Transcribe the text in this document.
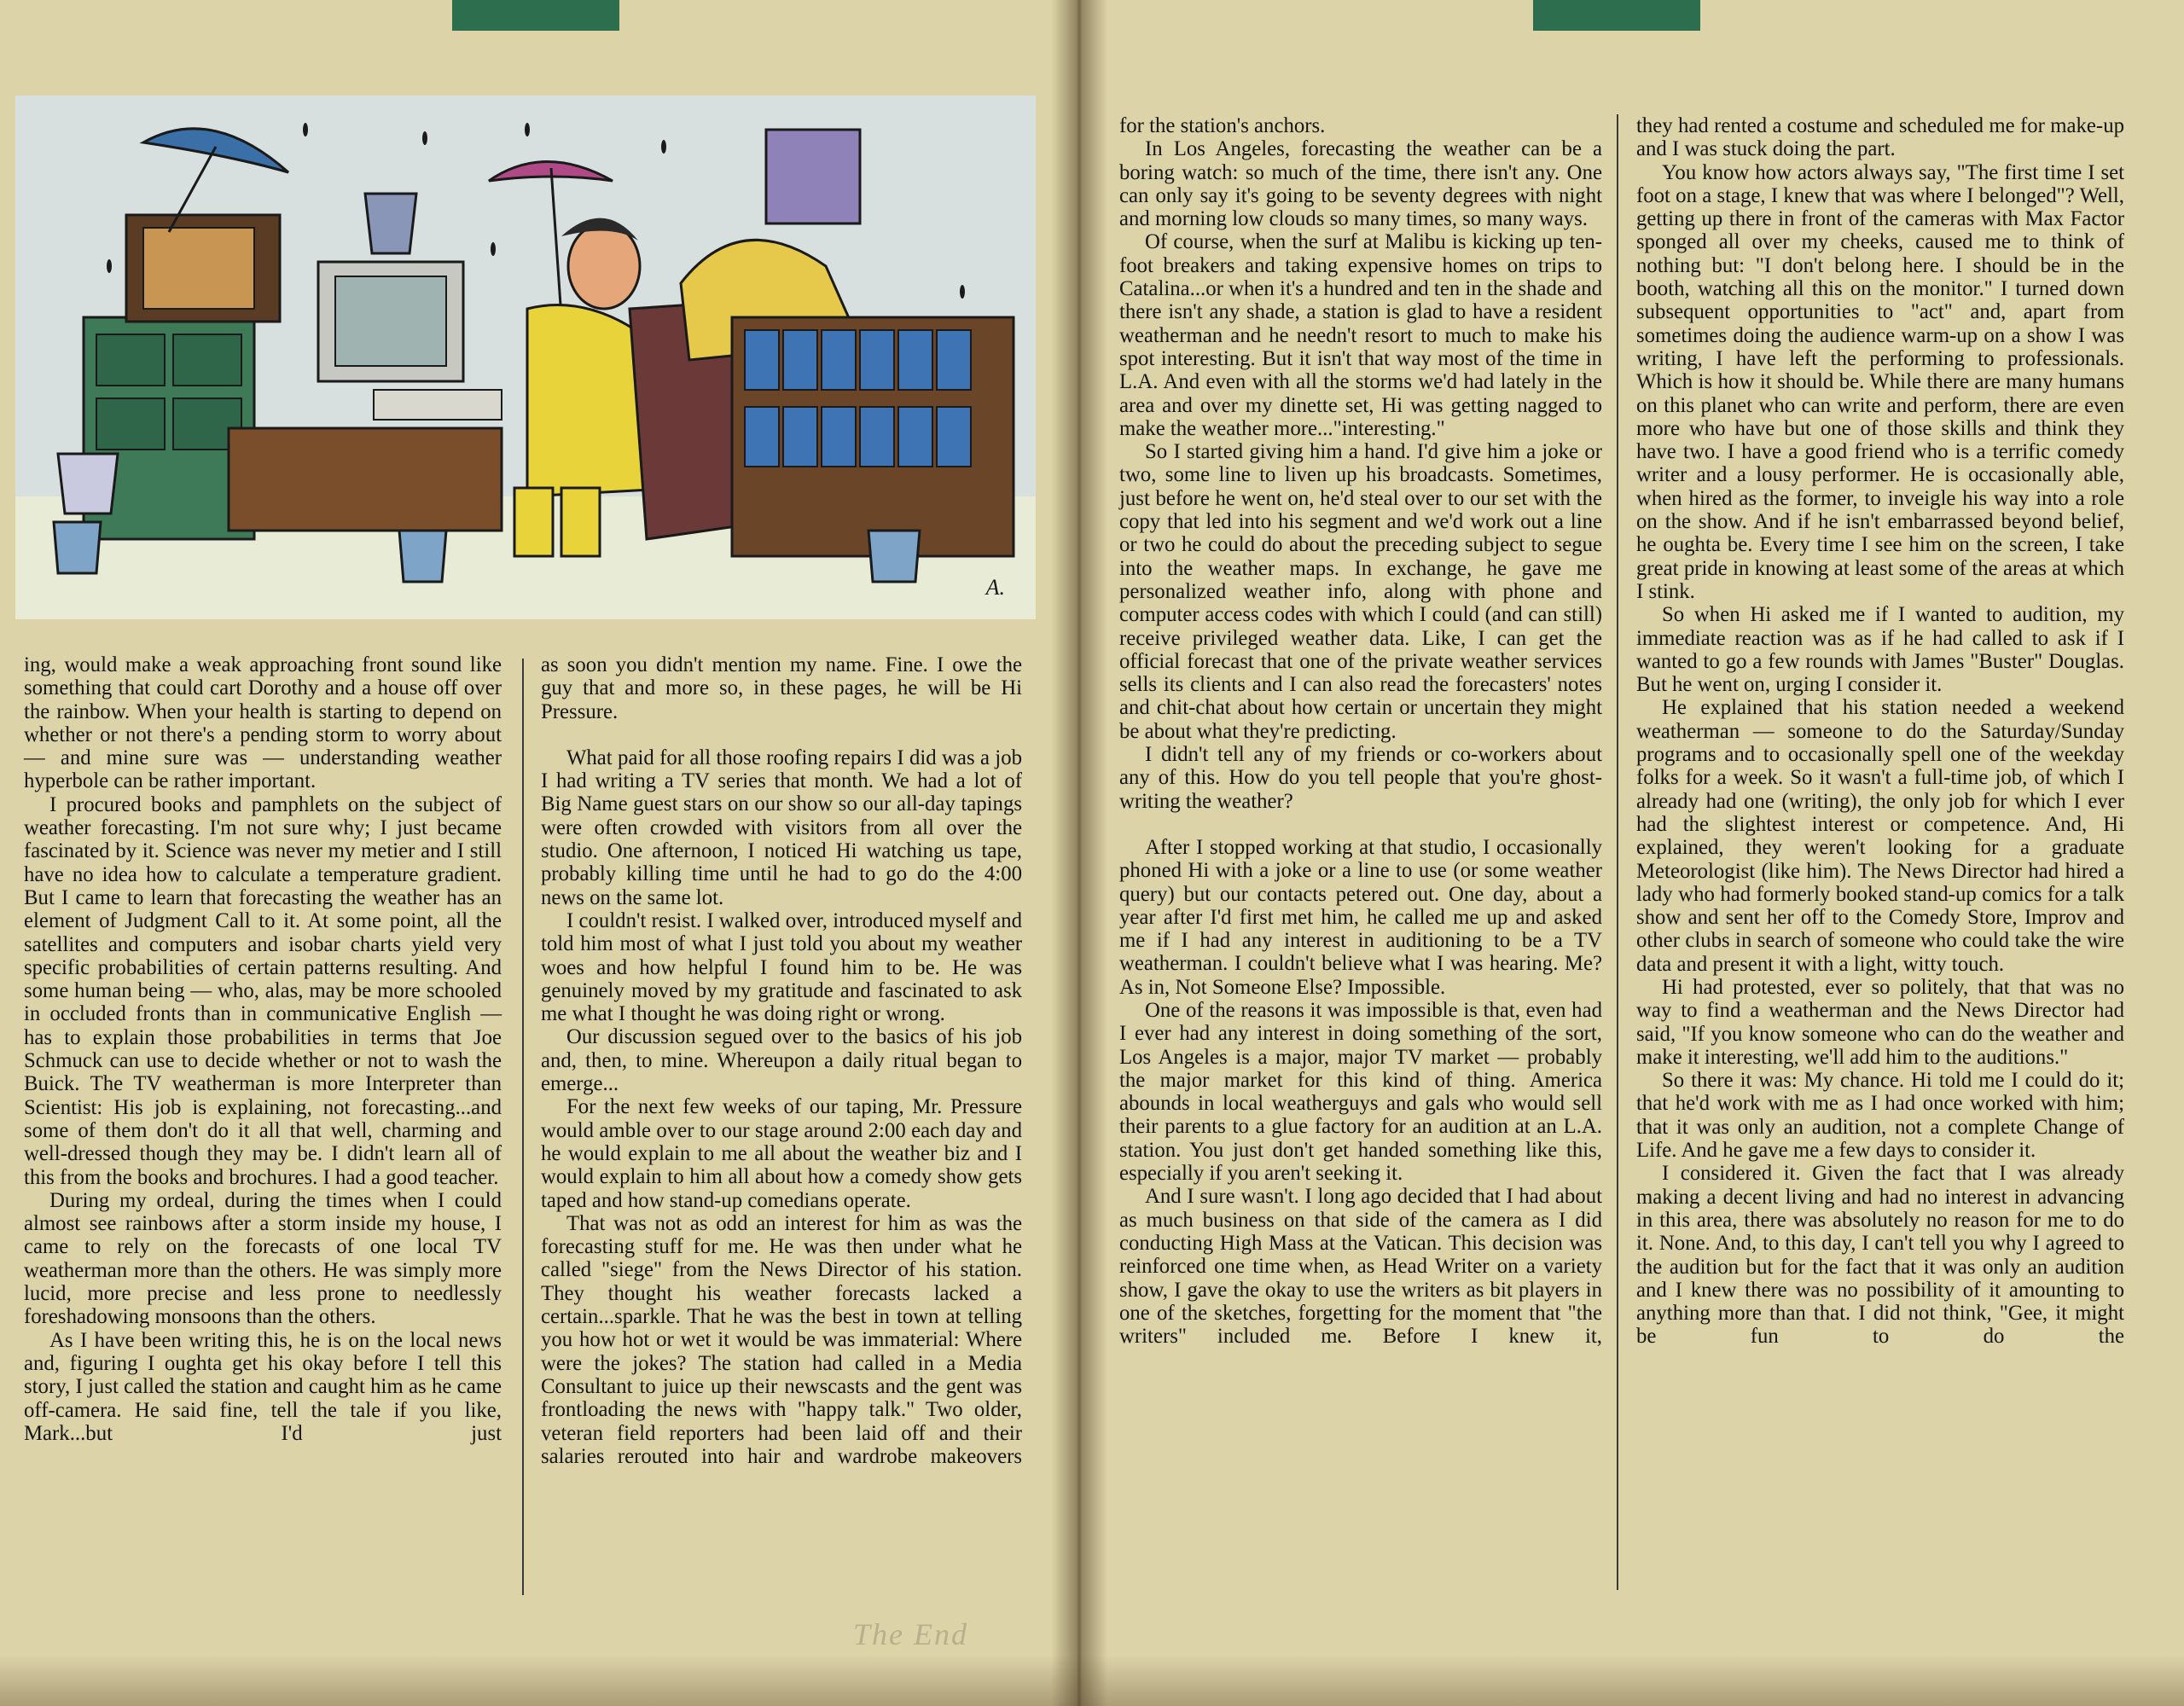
A.

ing, would make a weak approaching front sound like something that could cart Dorothy and a house off over the rainbow. When your health is starting to depend on whether or not there's a pending storm to worry about — and mine sure was — understanding weather hyperbole can be rather important.

I procured books and pamphlets on the subject of weather forecasting. I'm not sure why; I just became fascinated by it. Science was never my metier and I still have no idea how to calculate a temperature gradient. But I came to learn that forecasting the weather has an element of Judgment Call to it. At some point, all the satellites and computers and isobar charts yield very specific probabilities of certain patterns resulting. And some human being — who, alas, may be more schooled in occluded fronts than in communicative English — has to explain those probabilities in terms that Joe Schmuck can use to decide whether or not to wash the Buick. The TV weatherman is more Interpreter than Scientist: His job is explaining, not forecasting...and some of them don't do it all that well, charming and well-dressed though they may be. I didn't learn all of this from the books and brochures. I had a good teacher.

During my ordeal, during the times when I could almost see rainbows after a storm inside my house, I came to rely on the forecasts of one local TV weatherman more than the others. He was simply more lucid, more precise and less prone to needlessly foreshadowing monsoons than the others.

As I have been writing this, he is on the local news and, figuring I oughta get his okay before I tell this story, I just called the station and caught him as he came off-camera. He said fine, tell the tale if you like, Mark...but I'd just

as soon you didn't mention my name. Fine. I owe the guy that and more so, in these pages, he will be Hi Pressure.

What paid for all those roofing repairs I did was a job I had writing a TV series that month. We had a lot of Big Name guest stars on our show so our all-day tapings were often crowded with visitors from all over the studio. One afternoon, I noticed Hi watching us tape, probably killing time until he had to go do the 4:00 news on the same lot.

I couldn't resist. I walked over, introduced myself and told him most of what I just told you about my weather woes and how helpful I found him to be. He was genuinely moved by my gratitude and fascinated to ask me what I thought he was doing right or wrong.

Our discussion segued over to the basics of his job and, then, to mine. Whereupon a daily ritual began to emerge...

For the next few weeks of our taping, Mr. Pressure would amble over to our stage around 2:00 each day and he would explain to me all about the weather biz and I would explain to him all about how a comedy show gets taped and how stand-up comedians operate.

That was not as odd an interest for him as was the forecasting stuff for me. He was then under what he called "siege" from the News Director of his station. They thought his weather forecasts lacked a certain...sparkle. That he was the best in town at telling you how hot or wet it would be was immaterial: Where were the jokes? The station had called in a Media Consultant to juice up their newscasts and the gent was frontloading the news with "happy talk." Two older, veteran field reporters had been laid off and their salaries rerouted into hair and wardrobe makeovers

for the station's anchors.

In Los Angeles, forecasting the weather can be a boring watch: so much of the time, there isn't any. One can only say it's going to be seventy degrees with night and morning low clouds so many times, so many ways.

Of course, when the surf at Malibu is kicking up ten-foot breakers and taking expensive homes on trips to Catalina...or when it's a hundred and ten in the shade and there isn't any shade, a station is glad to have a resident weatherman and he needn't resort to much to make his spot interesting. But it isn't that way most of the time in L.A. And even with all the storms we'd had lately in the area and over my dinette set, Hi was getting nagged to make the weather more..."interesting."

So I started giving him a hand. I'd give him a joke or two, some line to liven up his broadcasts. Sometimes, just before he went on, he'd steal over to our set with the copy that led into his segment and we'd work out a line or two he could do about the preceding subject to segue into the weather maps. In exchange, he gave me personalized weather info, along with phone and computer access codes with which I could (and can still) receive privileged weather data. Like, I can get the official forecast that one of the private weather services sells its clients and I can also read the forecasters' notes and chit-chat about how certain or uncertain they might be about what they're predicting.

I didn't tell any of my friends or co-workers about any of this. How do you tell people that you're ghost-writing the weather?

After I stopped working at that studio, I occasionally phoned Hi with a joke or a line to use (or some weather query) but our contacts petered out. One day, about a year after I'd first met him, he called me up and asked me if I had any interest in auditioning to be a TV weatherman. I couldn't believe what I was hearing. Me? As in, Not Someone Else? Impossible.

One of the reasons it was impossible is that, even had I ever had any interest in doing something of the sort, Los Angeles is a major, major TV market — probably the major market for this kind of thing. America abounds in local weatherguys and gals who would sell their parents to a glue factory for an audition at an L.A. station. You just don't get handed something like this, especially if you aren't seeking it.

And I sure wasn't. I long ago decided that I had about as much business on that side of the camera as I did conducting High Mass at the Vatican. This decision was reinforced one time when, as Head Writer on a variety show, I gave the okay to use the writers as bit players in one of the sketches, forgetting for the moment that "the writers" included me. Before I knew it,

they had rented a costume and scheduled me for make-up and I was stuck doing the part.

You know how actors always say, "The first time I set foot on a stage, I knew that was where I belonged"? Well, getting up there in front of the cameras with Max Factor sponged all over my cheeks, caused me to think of nothing but: "I don't belong here. I should be in the booth, watching all this on the monitor." I turned down subsequent opportunities to "act" and, apart from sometimes doing the audience warm-up on a show I was writing, I have left the performing to professionals. Which is how it should be. While there are many humans on this planet who can write and perform, there are even more who have but one of those skills and think they have two. I have a good friend who is a terrific comedy writer and a lousy performer. He is occasionally able, when hired as the former, to inveigle his way into a role on the show. And if he isn't embarrassed beyond belief, he oughta be. Every time I see him on the screen, I take great pride in knowing at least some of the areas at which I stink.

So when Hi asked me if I wanted to audition, my immediate reaction was as if he had called to ask if I wanted to go a few rounds with James "Buster" Douglas. But he went on, urging I consider it.

He explained that his station needed a weekend weatherman — someone to do the Saturday/Sunday programs and to occasionally spell one of the weekday folks for a week. So it wasn't a full-time job, of which I already had one (writing), the only job for which I ever had the slightest interest or competence. And, Hi explained, they weren't looking for a graduate Meteorologist (like him). The News Director had hired a lady who had formerly booked stand-up comics for a talk show and sent her off to the Comedy Store, Improv and other clubs in search of someone who could take the wire data and present it with a light, witty touch.

Hi had protested, ever so politely, that that was no way to find a weatherman and the News Director had said, "If you know someone who can do the weather and make it interesting, we'll add him to the auditions."

So there it was: My chance. Hi told me I could do it; that he'd work with me as I had once worked with him; that it was only an audition, not a complete Change of Life. And he gave me a few days to consider it.

I considered it. Given the fact that I was already making a decent living and had no interest in advancing in this area, there was absolutely no reason for me to do it. None. And, to this day, I can't tell you why I agreed to the audition but for the fact that it was only an audition and I knew there was no possibility of it amounting to anything more than that. I did not think, "Gee, it might be fun to do the

The End
